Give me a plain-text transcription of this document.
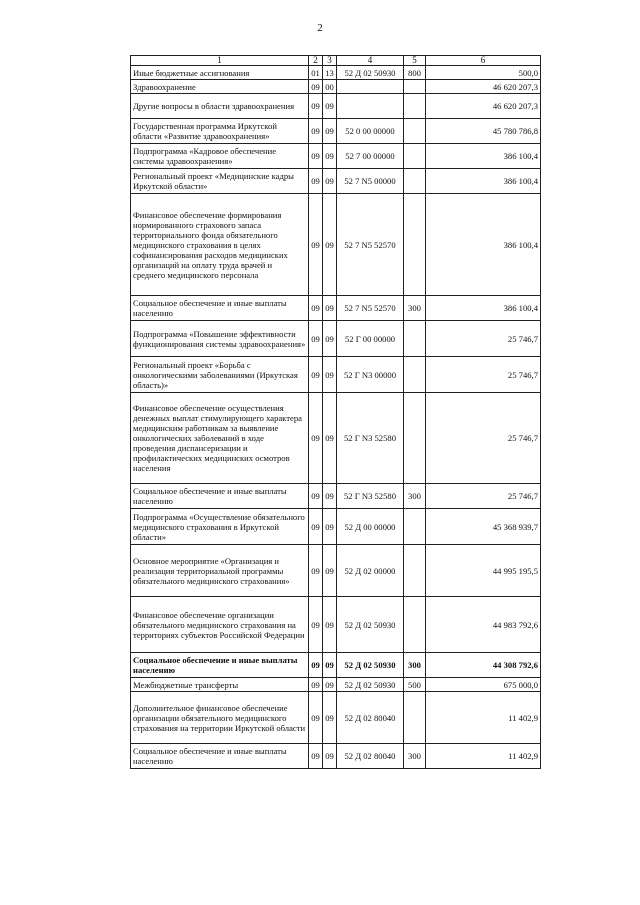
2
1	2	3	4	5	6
Иные бюджетные ассигнования	01	13	52 Д 02 50930	800	500,0
Здравоохранение	09	00			46 620 207,3
Другие вопросы в области здравоохранения	09	09			46 620 207,3
Государственная программа Иркутской области «Развитие здравоохранения»	09	09	52 0 00 00000		45 780 786,8
Подпрограмма «Кадровое обеспечение системы здравоохранения»	09	09	52 7 00 00000		386 100,4
Региональный проект «Медицинские кадры Иркутской области»	09	09	52 7 N5 00000		386 100,4
Финансовое обеспечение формирования нормированного страхового запаса территориального фонда обязательного медицинского страхования в целях софинансирования расходов медицинских организаций на оплату труда врачей и среднего медицинского персонала	09	09	52 7 N5 52570		386 100,4
Социальное обеспечение и иные выплаты населению	09	09	52 7 N5 52570	300	386 100,4
Подпрограмма «Повышение эффективности функционирования системы здравоохранения»	09	09	52 Г 00 00000		25 746,7
Региональный проект «Борьба с онкологическими заболеваниями (Иркутская область)»	09	09	52 Г N3 00000		25 746,7
Финансовое обеспечение осуществления денежных выплат стимулирующего характера медицинским работникам за выявление онкологических заболеваний в ходе проведения диспансеризации и профилактических медицинских осмотров населения	09	09	52 Г N3 52580		25 746,7
Социальное обеспечение и иные выплаты населению	09	09	52 Г N3 52580	300	25 746,7
Подпрограмма «Осуществление обязательного медицинского страхования в Иркутской области»	09	09	52 Д 00 00000		45 368 939,7
Основное мероприятие «Организация и реализация территориальной программы обязательного медицинского страхования»	09	09	52 Д 02 00000		44 995 195,5
Финансовое обеспечение организации обязательного медицинского страхования на территориях субъектов Российской Федерации	09	09	52 Д 02 50930		44 983 792,6
Социальное обеспечение и иные выплаты населению	09	09	52 Д 02 50930	300	44 308 792,6
Межбюджетные трансферты	09	09	52 Д 02 50930	500	675 000,0
Дополнительное финансовое обеспечение организации обязательного медицинского страхования на территории Иркутской области	09	09	52 Д 02 80040		11 402,9
Социальное обеспечение и иные выплаты населению	09	09	52 Д 02 80040	300	11 402,9
